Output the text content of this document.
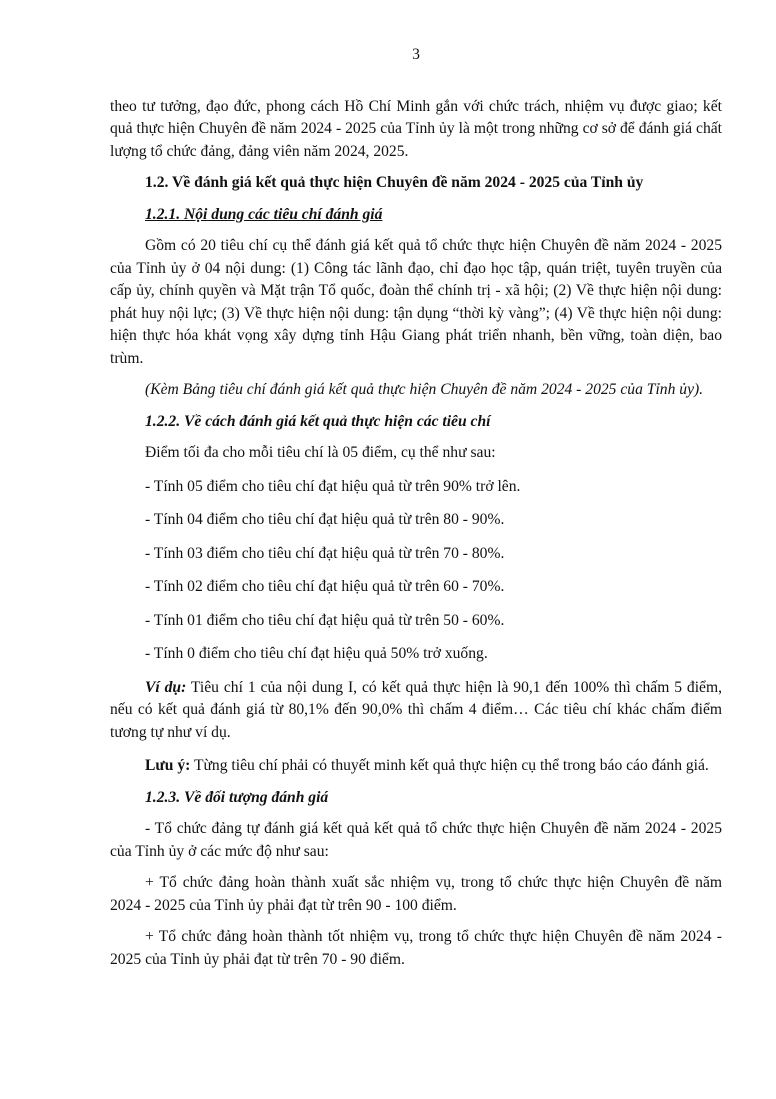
3

theo tư tưởng, đạo đức, phong cách Hồ Chí Minh gắn với chức trách, nhiệm vụ được giao; kết quả thực hiện Chuyên đề năm 2024 - 2025 của Tỉnh ủy là một trong những cơ sở để đánh giá chất lượng tổ chức đảng, đảng viên năm 2024, 2025.

1.2. Về đánh giá kết quả thực hiện Chuyên đề năm 2024 - 2025 của Tỉnh ủy

1.2.1. Nội dung các tiêu chí đánh giá

Gồm có 20 tiêu chí cụ thể đánh giá kết quả tổ chức thực hiện Chuyên đề năm 2024 - 2025 của Tỉnh ủy ở 04 nội dung: (1) Công tác lãnh đạo, chỉ đạo học tập, quán triệt, tuyên truyền của cấp ủy, chính quyền và Mặt trận Tổ quốc, đoàn thể chính trị - xã hội; (2) Về thực hiện nội dung: phát huy nội lực; (3) Về thực hiện nội dung: tận dụng “thời kỳ vàng”; (4) Về thực hiện nội dung: hiện thực hóa khát vọng xây dựng tỉnh Hậu Giang phát triển nhanh, bền vững, toàn diện, bao trùm.

(Kèm Bảng tiêu chí đánh giá kết quả thực hiện Chuyên đề năm 2024 - 2025 của Tỉnh ủy).

1.2.2. Về cách đánh giá kết quả thực hiện các tiêu chí

Điểm tối đa cho mỗi tiêu chí là 05 điểm, cụ thể như sau:

- Tính 05 điểm cho tiêu chí đạt hiệu quả từ trên 90% trở lên.

- Tính 04 điểm cho tiêu chí đạt hiệu quả từ trên 80 - 90%.

- Tính 03 điểm cho tiêu chí đạt hiệu quả từ trên 70 - 80%.

- Tính 02 điểm cho tiêu chí đạt hiệu quả từ trên 60 - 70%.

- Tính 01 điểm cho tiêu chí đạt hiệu quả từ trên 50 - 60%.

- Tính 0 điểm cho tiêu chí đạt hiệu quả 50% trở xuống.

Ví dụ: Tiêu chí 1 của nội dung I, có kết quả thực hiện là 90,1 đến 100% thì chấm 5 điểm, nếu có kết quả đánh giá từ 80,1% đến 90,0% thì chấm 4 điểm… Các tiêu chí khác chấm điểm tương tự như ví dụ.

Lưu ý: Từng tiêu chí phải có thuyết minh kết quả thực hiện cụ thể trong báo cáo đánh giá.

1.2.3. Về đối tượng đánh giá

- Tổ chức đảng tự đánh giá kết quả kết quả tổ chức thực hiện Chuyên đề năm 2024 - 2025 của Tỉnh ủy ở các mức độ như sau:

+ Tổ chức đảng hoàn thành xuất sắc nhiệm vụ, trong tổ chức thực hiện Chuyên đề năm 2024 - 2025 của Tỉnh ủy phải đạt từ trên 90 - 100 điểm.

+ Tổ chức đảng hoàn thành tốt nhiệm vụ, trong tổ chức thực hiện Chuyên đề năm 2024 - 2025 của Tỉnh ủy phải đạt từ trên 70 - 90 điểm.
